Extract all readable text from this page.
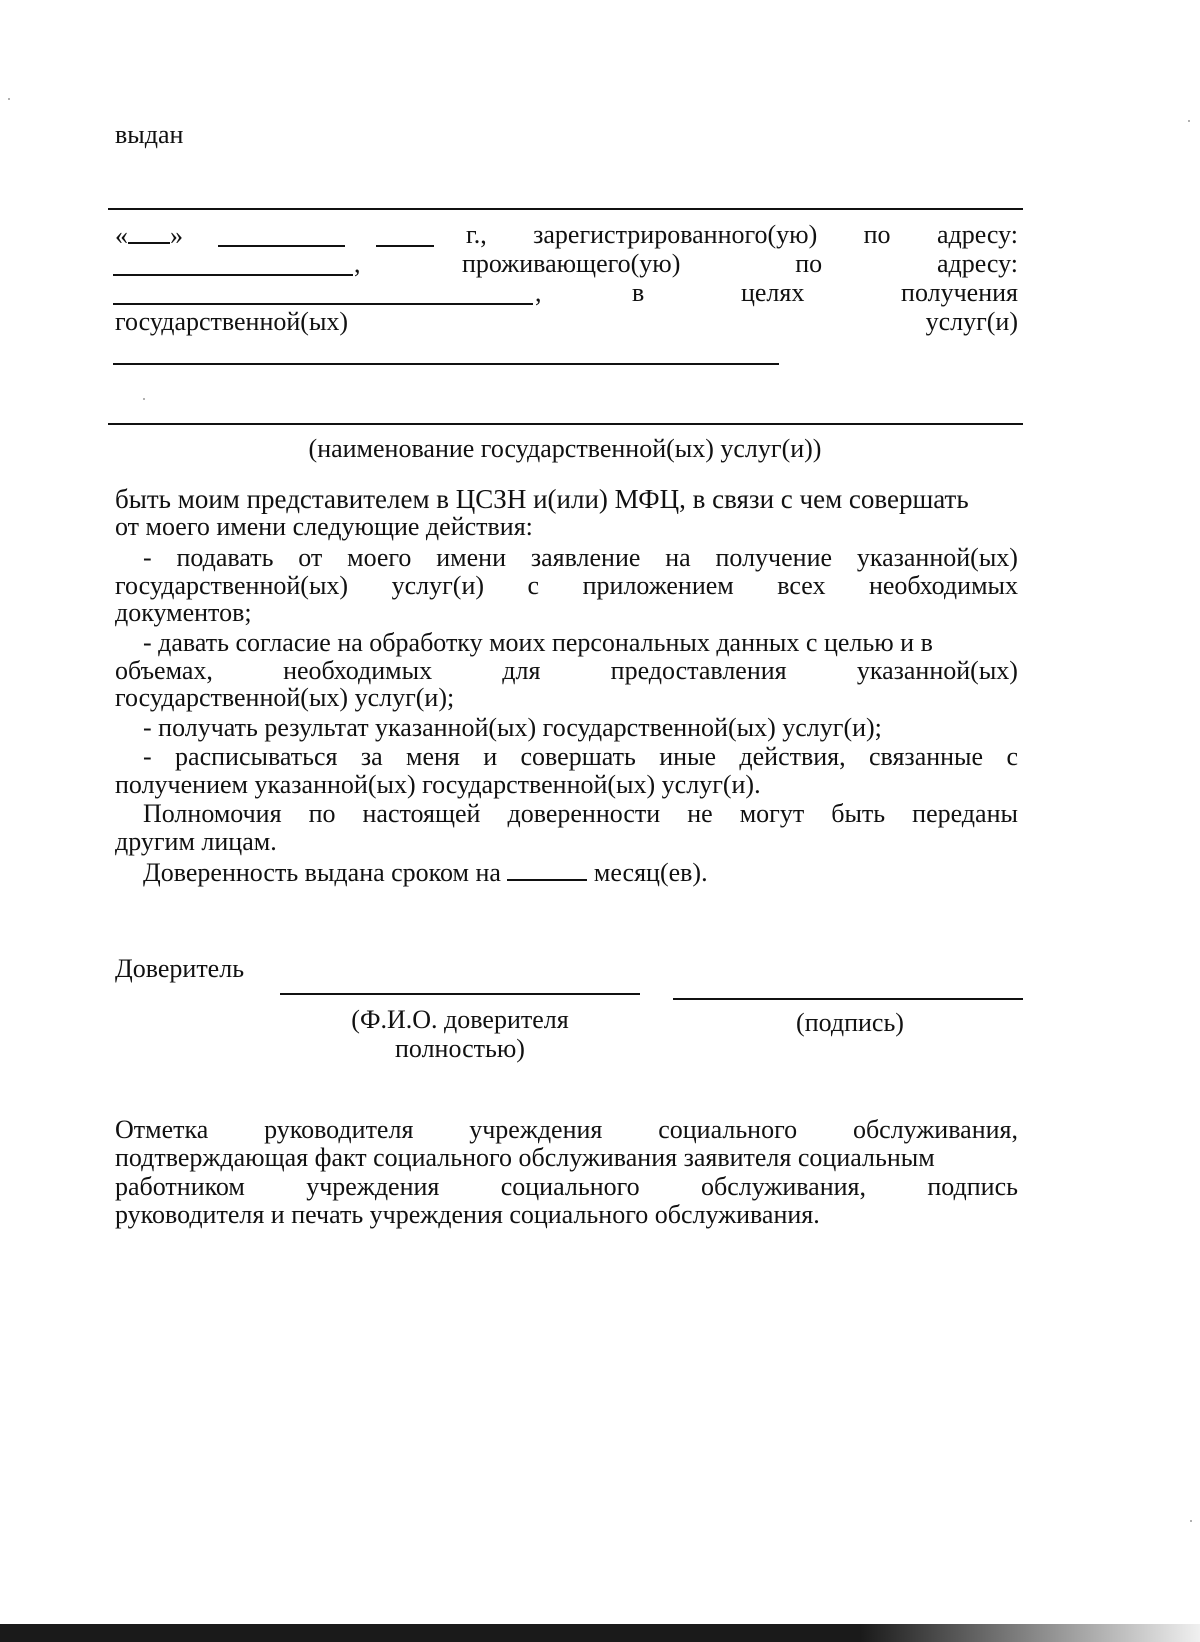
выдан
« »	г., зарегистрированного(ую) по адресу:
,	проживающего(ую)	по	адресу:
,	в	целях	получения
государственной(ых)	услуг(и)
(наименование государственной(ых) услуг(и))
быть моим представителем в ЦСЗН и(или) МФЦ, в связи с чем совершать
от моего имени следующие действия:
- подавать от моего имени заявление на получение указанной(ых)
государственной(ых) услуг(и) с приложением всех необходимых
документов;
- давать согласие на обработку моих персональных данных с целью и в
объемах,	необходимых	для	предоставления	указанной(ых)
государственной(ых) услуг(и);
- получать результат указанной(ых) государственной(ых) услуг(и);
- расписываться за меня и совершать иные действия, связанные с
получением указанной(ых) государственной(ых) услуг(и).
Полномочия по настоящей доверенности не могут быть переданы
другим лицам.
Доверенность выдана сроком на	месяц(ев).
Доверитель
(Ф.И.О. доверителя
полностью)
(подпись)
Отметка руководителя учреждения социального обслуживания,
подтверждающая факт социального обслуживания заявителя социальным
работником учреждения социального обслуживания, подпись
руководителя и печать учреждения социального обслуживания.
